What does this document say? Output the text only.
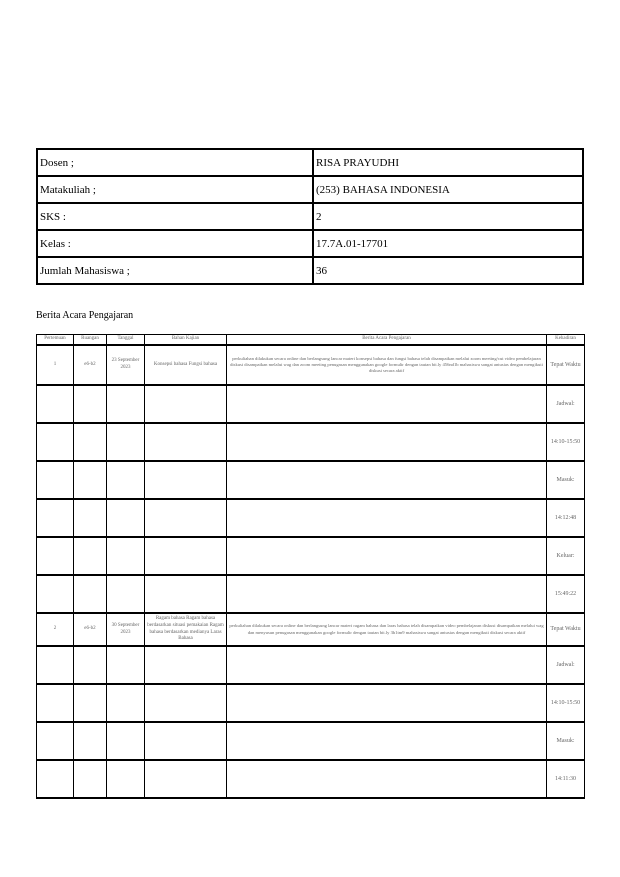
Dosen ;	RISA PRAYUDHI
Matakuliah ;	(253) BAHASA INDONESIA
SKS :	2
Kelas :	17.7A.01-17701
Jumlah Mahasiswa ;	36
Berita Acara Pengajaran
Pertemuan	Ruangan	Tanggal	Bahan Kajian	Berita Acara Pengajaran	Kehadiran
1	e6-b2	23 September 2023	Konsepsi bahasa Fungsi bahasa	perkuliahan dilakukan secara online dan berlangsung lancar materi konsepsi bahasa dan fungsi bahasa telah disampaikan melalui zoom meeting/cut video pembelajaran diskusi disampaikan melalui wag dan zoom meeting penugasan menggunakan google formulir dengan tautan bit.ly 456nd1b mahasiswa sangat antusias dengan mengikuti diskusi secara aktif	Tepat Waktu
					Jadwal:
					14:10-15:50
					Masuk:
					14:12:48
					Keluar:
					15:49:22
2	e6-b2	30 September 2023	Ragam bahasa Ragam bahasa berdasarkan situasi pemakaian Ragam bahasa berdasarkan medianya Laras Bahasa	perkuliahan dilakukan secara online dan berlangsung lancar materi ragam bahasa dan laras bahasa telah disampaikan video pembelajaran diskusi disampaikan melalui wag dan menyusun penugasan menggunakan google formulir dengan tautan bit.ly 3b1tm9 mahasiswa sangat antusias dengan mengikuti diskusi secara aktif	Tepat Waktu
					Jadwal:
					14:10-15:50
					Masuk:
					14:11:30
